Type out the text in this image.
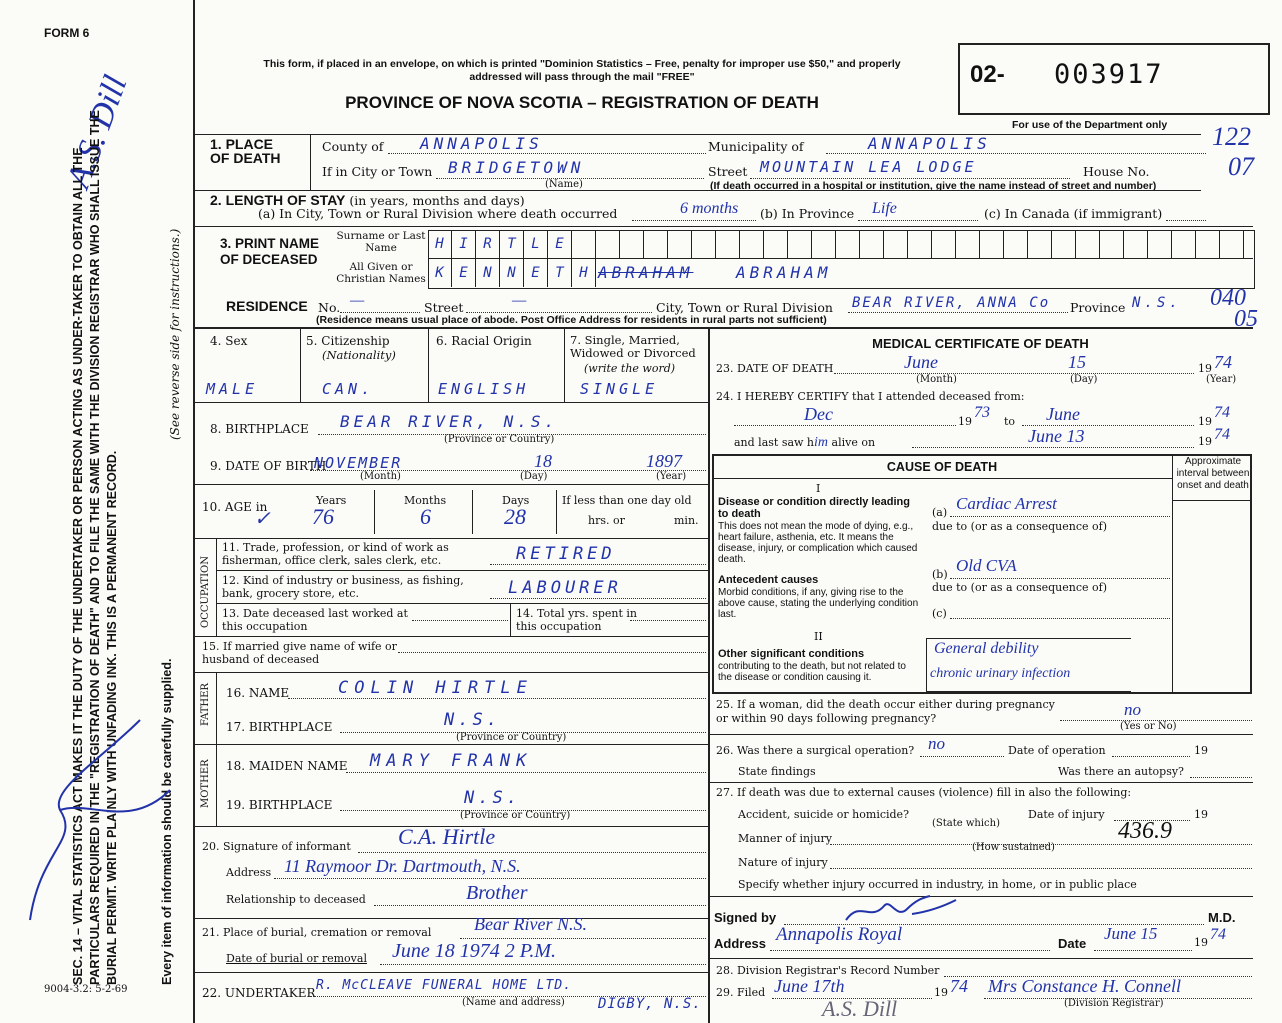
FORM 6
A.S. Dill
SEC. 14 – VITAL STATISTICS ACT MAKES IT THE DUTY OF THE UNDERTAKER OR PERSON ACTING AS UNDER-TAKER TO OBTAIN ALL THE PARTICULARS REQUIRED IN THE "REGISTRATION OF DEATH" AND TO FILE THE SAME WITH THE DIVISION REGISTRAR WHO SHALL ISSUE THE BURIAL PERMIT. WRITE PLAINLY WITH UNFADING INK. THIS IS A PERMANENT RECORD.	Every item of information should be carefully supplied.
(See reverse side for instructions.)
9004-3.2: 5-2-69
This form, if placed in an envelope, on which is printed "Dominion Statistics – Free, penalty for improper use $50," and properly addressed will pass through the mail "FREE"
PROVINCE OF NOVA SCOTIA – REGISTRATION OF DEATH
02- 003917
For use of the Department only 122
07
040
05
1. PLACE OF DEATH
County of ANNAPOLIS	Municipality of	ANNAPOLIS
If in City or Town BRIDGETOWN	Street MOUNTAIN LEA LODGE	House No.
(Name)	(If death occurred in a hospital or institution, give the name instead of street and number)
2. LENGTH OF STAY (in years, months and days)
(a) In City, Town or Rural Division where death occurred	6 months (b) In Province Life	(c) In Canada (if immigrant)
3. PRINT NAME OF DECEASED
Surname or Last Name
All Given or Christian Names
H	I	R	T	L	E
K	E	N	N	E	T	H ABRAHAM	ABRAHAM
RESIDENCE No. —	Street	—	City, Town or Rural Division BEAR RIVER, ANNA Co Province N.S.
(Residence means usual place of abode. Post Office Address for residents in rural parts not sufficient)
4. Sex
MALE
5. Citizenship
(Nationality)
CAN.
6. Racial Origin
ENGLISH
7. Single, Married, Widowed or Divorced
(write the word)
SINGLE
8. BIRTHPLACE BEAR RIVER, N.S.
(Province or Country)
9. DATE OF BIRTH
NOVEMBER	18	1897
(Month)	(Day)	(Year)
10. AGE in
✓
Years	Months	Days	If less than one day old
76	6	28	hrs. or	min.
OCCUPATION
11. Trade, profession, or kind of work as fisherman, office clerk, sales clerk, etc.	RETIRED
12. Kind of industry or business, as fishing, bank, grocery store, etc.	LABOURER
13. Date deceased last worked at this occupation
14. Total yrs. spent in this occupation
15. If married give name of wife or husband of deceased
FATHER 16. NAME	COLIN HIRTLE
17. BIRTHPLACE	N.S.
(Province or Country)
MOTHER 18. MAIDEN NAME MARY FRANK
19. BIRTHPLACE	N.S.
(Province or Country)
20. Signature of informant C.A. Hirtle
Address 11 Raymoor Dr. Dartmouth, N.S.
Relationship to deceased	Brother
21. Place of burial, cremation or removal Bear River N.S.
Date of burial or removal June 18 1974 2 P.M.
22. UNDERTAKER R. McCLEAVE FUNERAL HOME LTD.
(Name and address) DIGBY, N.S.
MEDICAL CERTIFICATE OF DEATH
23. DATE OF DEATH	June	15	19 74
(Month)	(Day)	(Year)
24. I HEREBY CERTIFY that I attended deceased from:
Dec	19
73
to June	19
74
and last saw him alive on	June 13	19 74
CAUSE OF DEATH	Approximate interval between onset and death
I
Disease or condition directly leading to death
This does not mean the mode of dying, e.g., heart failure, asthenia, etc. It means the disease, injury, or complication which caused death.
(a) Cardiac Arrest
due to (or as a consequence of)
Antecedent causes
Morbid conditions, if any, giving rise to the above cause, stating the underlying condition last.
(b) Old CVA
due to (or as a consequence of)
(c)
II
Other significant conditions
contributing to the death, but not related to the disease or condition causing it.
General debility
chronic urinary infection
25. If a woman, did the death occur either during pregnancy or within 90 days following pregnancy?	no
(Yes or No)
26. Was there a surgical operation? no	Date of operation	19
State findings	Was there an autopsy?
27. If death was due to external causes (violence) fill in also the following:
Accident, suicide or homicide?	Date of injury	19
(State which)
Manner of injury	436.9
(How sustained)
Nature of injury
Specify whether injury occurred in industry, in home, or in public place
Signed by	M.D.
Address Annapolis Royal	Date
June 15	19 74
28. Division Registrar's Record Number
29. Filed June 17th	19 74 Mrs Constance H. Connell
(Division Registrar)
A.S. Dill
